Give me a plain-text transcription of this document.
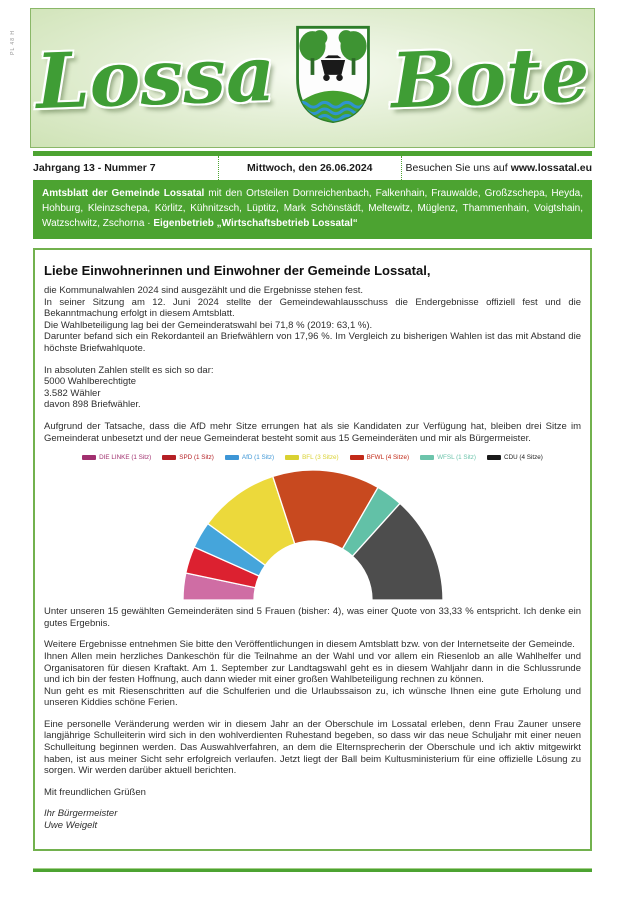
PL 48 H Lossa Bote
Jahrgang 13 - Nummer 7	Mittwoch, den 26.06.2024	Besuchen Sie uns auf www.lossatal.eu
Amtsblatt der Gemeinde Lossatal mit den Ortsteilen Dornreichenbach, Falkenhain, Frauwalde, Großzschepa, Heyda, Hohburg, Kleinzschepa, Körlitz, Kühnitzsch, Lüptitz, Mark Schönstädt, Meltewitz, Müglenz, Thammenhain, Voigtshain, Watzschwitz, Zschorna · Eigenbetrieb „Wirtschaftsbetrieb Lossatal“
Liebe Einwohnerinnen und Einwohner der Gemeinde Lossatal,
die Kommunalwahlen 2024 sind ausgezählt und die Ergebnisse stehen fest.
In seiner Sitzung am 12. Juni 2024 stellte der Gemeindewahlausschuss die Endergebnisse offiziell fest und die Bekanntmachung erfolgt in diesem Amtsblatt.
Die Wahlbeteiligung lag bei der Gemeinderatswahl bei 71,8 % (2019: 63,1 %).
Darunter befand sich ein Rekordanteil an Briefwählern von 17,96 %. Im Vergleich zu bisherigen Wahlen ist das mit Abstand die höchste Briefwahlquote.
In absoluten Zahlen stellt es sich so dar:
5000 Wahlberechtigte
3.582 Wähler
davon 898 Briefwähler.
Aufgrund der Tatsache, dass die AfD mehr Sitze errungen hat als sie Kandidaten zur Verfügung hat, bleiben drei Sitze im Gemeinderat unbesetzt und der neue Gemeinderat besteht somit aus 15 Gemeinderäten und mir als Bürgermeister.
DIE LINKE (1 Sitz)	SPD (1 Sitz)	AfD (1 Sitz)	BFL (3 Sitze)	BFWL (4 Sitze)	WFSL (1 Sitz)	CDU (4 Sitze)
Unter unseren 15 gewählten Gemeinderäten sind 5 Frauen (bisher: 4), was einer Quote von 33,33 % entspricht. Ich denke ein gutes Ergebnis.
Weitere Ergebnisse entnehmen Sie bitte den Veröffentlichungen in diesem Amtsblatt bzw. von der Internetseite der Gemeinde.
Ihnen Allen mein herzliches Dankeschön für die Teilnahme an der Wahl und vor allem ein Riesenlob an alle Wahlhelfer und Organisatoren für diesen Kraftakt. Am 1. September zur Landtagswahl geht es in diesem Wahljahr dann in die Schlussrunde und ich bin der festen Hoffnung, auch dann wieder mit einer großen Wahlbeteiligung rechnen zu können.
Nun geht es mit Riesenschritten auf die Schulferien und die Urlaubssaison zu, ich wünsche Ihnen eine gute Erholung und unseren Kiddies schöne Ferien.
Eine personelle Veränderung werden wir in diesem Jahr an der Oberschule im Lossatal erleben, denn Frau Zauner unsere langjährige Schulleiterin wird sich in den wohlverdienten Ruhestand begeben, so dass wir das neue Schuljahr mit einer neuen Schulleitung beginnen werden. Das Auswahlverfahren, an dem die Elternsprecherin der Oberschule und ich aktiv mitgewirkt haben, ist aus meiner Sicht sehr erfolgreich verlaufen. Jetzt liegt der Ball beim Kultusministerium für eine offizielle Lösung zu sorgen. Wir werden darüber aktuell berichten.
Mit freundlichen Grüßen
Ihr Bürgermeister
Uwe Weigelt
